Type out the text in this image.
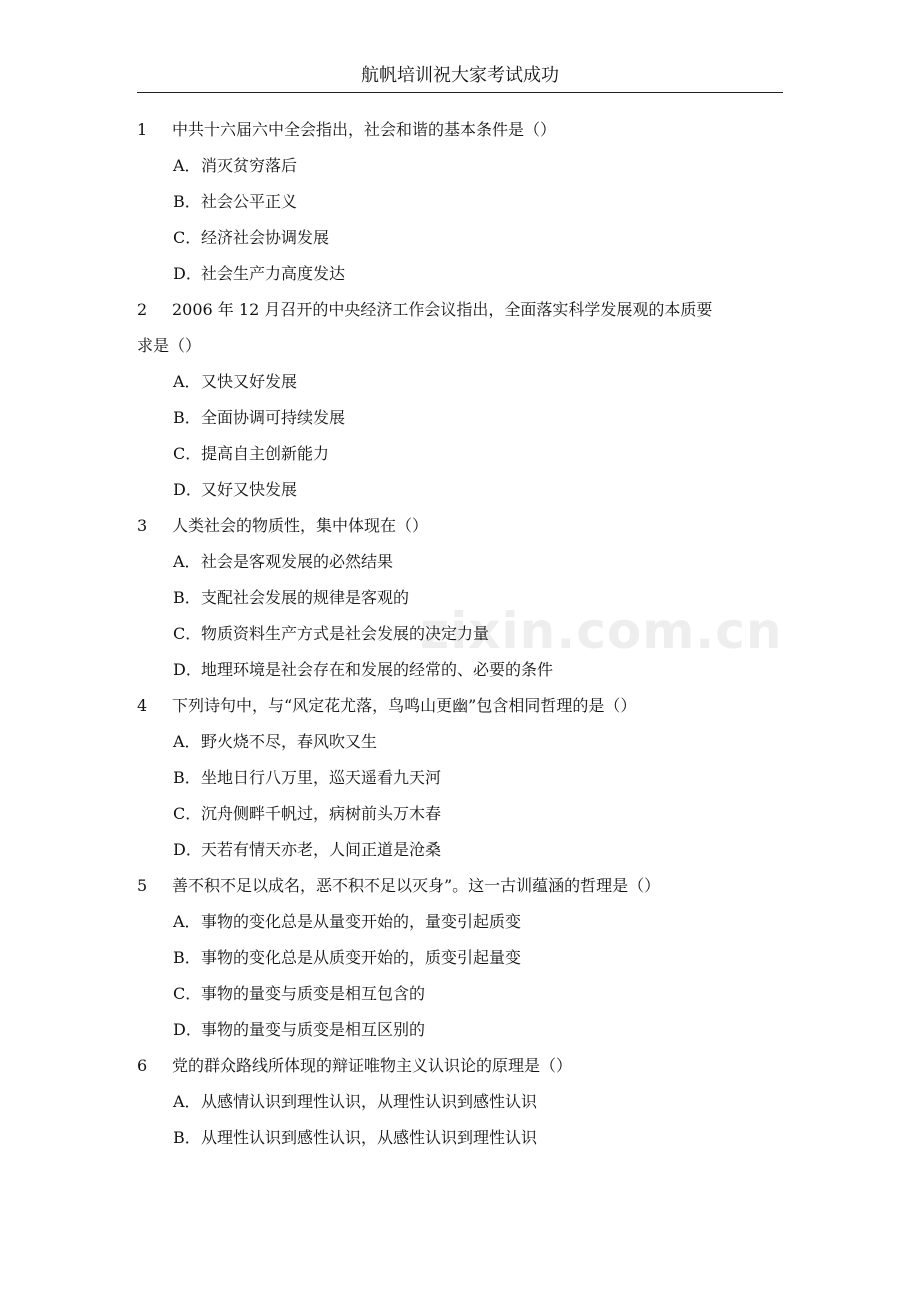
航帆培训祝大家考试成功
zixin.com.cn
1	中共十六届六中全会指出，社会和谐的基本条件是（）
A．消灭贫穷落后
B．社会公平正义
C．经济社会协调发展
D．社会生产力高度发达
2	2006 年 12 月召开的中央经济工作会议指出，全面落实科学发展观的本质要
求是（）
A．又快又好发展
B．全面协调可持续发展
C．提高自主创新能力
D．又好又快发展
3	人类社会的物质性，集中体现在（）
A．社会是客观发展的必然结果
B．支配社会发展的规律是客观的
C．物质资料生产方式是社会发展的决定力量
D．地理环境是社会存在和发展的经常的、必要的条件
4	下列诗句中，与“风定花尤落，鸟鸣山更幽”包含相同哲理的是（）
A．野火烧不尽，春风吹又生
B．坐地日行八万里，巡天遥看九天河
C．沉舟侧畔千帆过，病树前头万木春
D．天若有情天亦老，人间正道是沧桑
5	善不积不足以成名，恶不积不足以灭身”。这一古训蕴涵的哲理是（）
A．事物的变化总是从量变开始的，量变引起质变
B．事物的变化总是从质变开始的，质变引起量变
C．事物的量变与质变是相互包含的
D．事物的量变与质变是相互区别的
6	党的群众路线所体现的辩证唯物主义认识论的原理是（）
A．从感情认识到理性认识，从理性认识到感性认识
B．从理性认识到感性认识，从感性认识到理性认识
